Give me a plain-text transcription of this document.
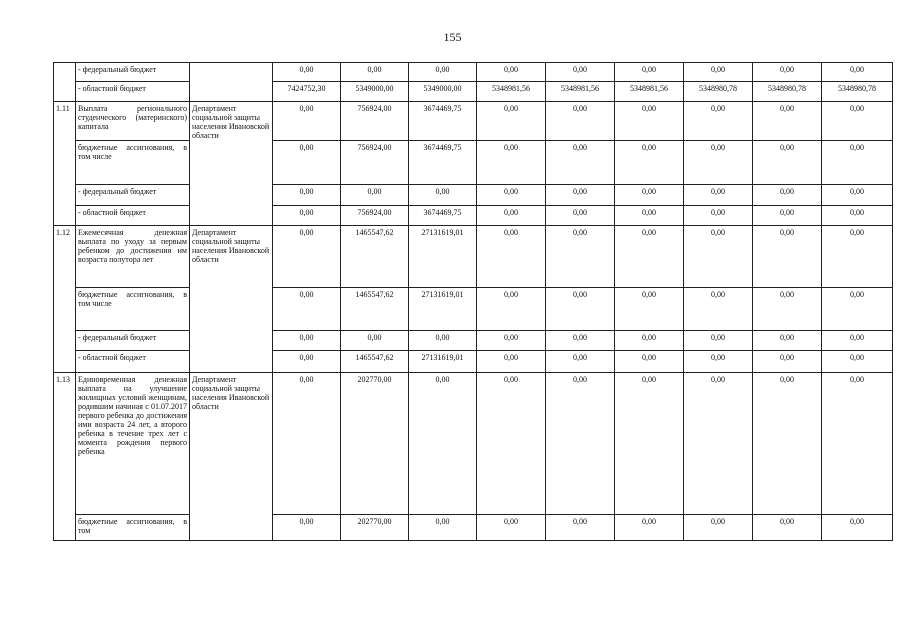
155
	- федеральный бюджет		0,00	0,00	0,00	0,00	0,00	0,00	0,00	0,00	0,00
	- областной бюджет		7424752,30	5349000,00	5349000,00	5348981,56	5348981,56	5348981,56	5348980,78	5348980,78	5348980,78
1.11	Выплата регионального студенческого (материнского) капитала	Департамент социальной защиты населения Ивановской области	0,00	756924,00	3674469,75	0,00	0,00	0,00	0,00	0,00	0,00
	бюджетные ассигнования, в том числе		0,00	756924,00	3674469,75	0,00	0,00	0,00	0,00	0,00	0,00
	- федеральный бюджет		0,00	0,00	0,00	0,00	0,00	0,00	0,00	0,00	0,00
	- областной бюджет		0,00	756924,00	3674469,75	0,00	0,00	0,00	0,00	0,00	0,00
1.12	Ежемесячная денежная выплата по уходу за первым ребенком до достижения им возраста полутора лет	Департамент социальной защиты населения Ивановской области	0,00	1465547,62	27131619,01	0,00	0,00	0,00	0,00	0,00	0,00
	бюджетные ассигнования, в том числе		0,00	1465547,62	27131619,01	0,00	0,00	0,00	0,00	0,00	0,00
	- федеральный бюджет		0,00	0,00	0,00	0,00	0,00	0,00	0,00	0,00	0,00
	- областной бюджет		0,00	1465547,62	27131619,01	0,00	0,00	0,00	0,00	0,00	0,00
1.13	Единовременная денежная выплата на улучшение жилищных условий женщинам, родившим начиная с 01.07.2017 первого ребенка до достижения ими возраста 24 лет, а второго ребенка в течение трех лет с момента рождения первого ребенка	Департамент социальной защиты населения Ивановской области	0,00	202770,00	0,00	0,00	0,00	0,00	0,00	0,00	0,00
	бюджетные ассигнования, в том		0,00	202770,00	0,00	0,00	0,00	0,00	0,00	0,00	0,00
